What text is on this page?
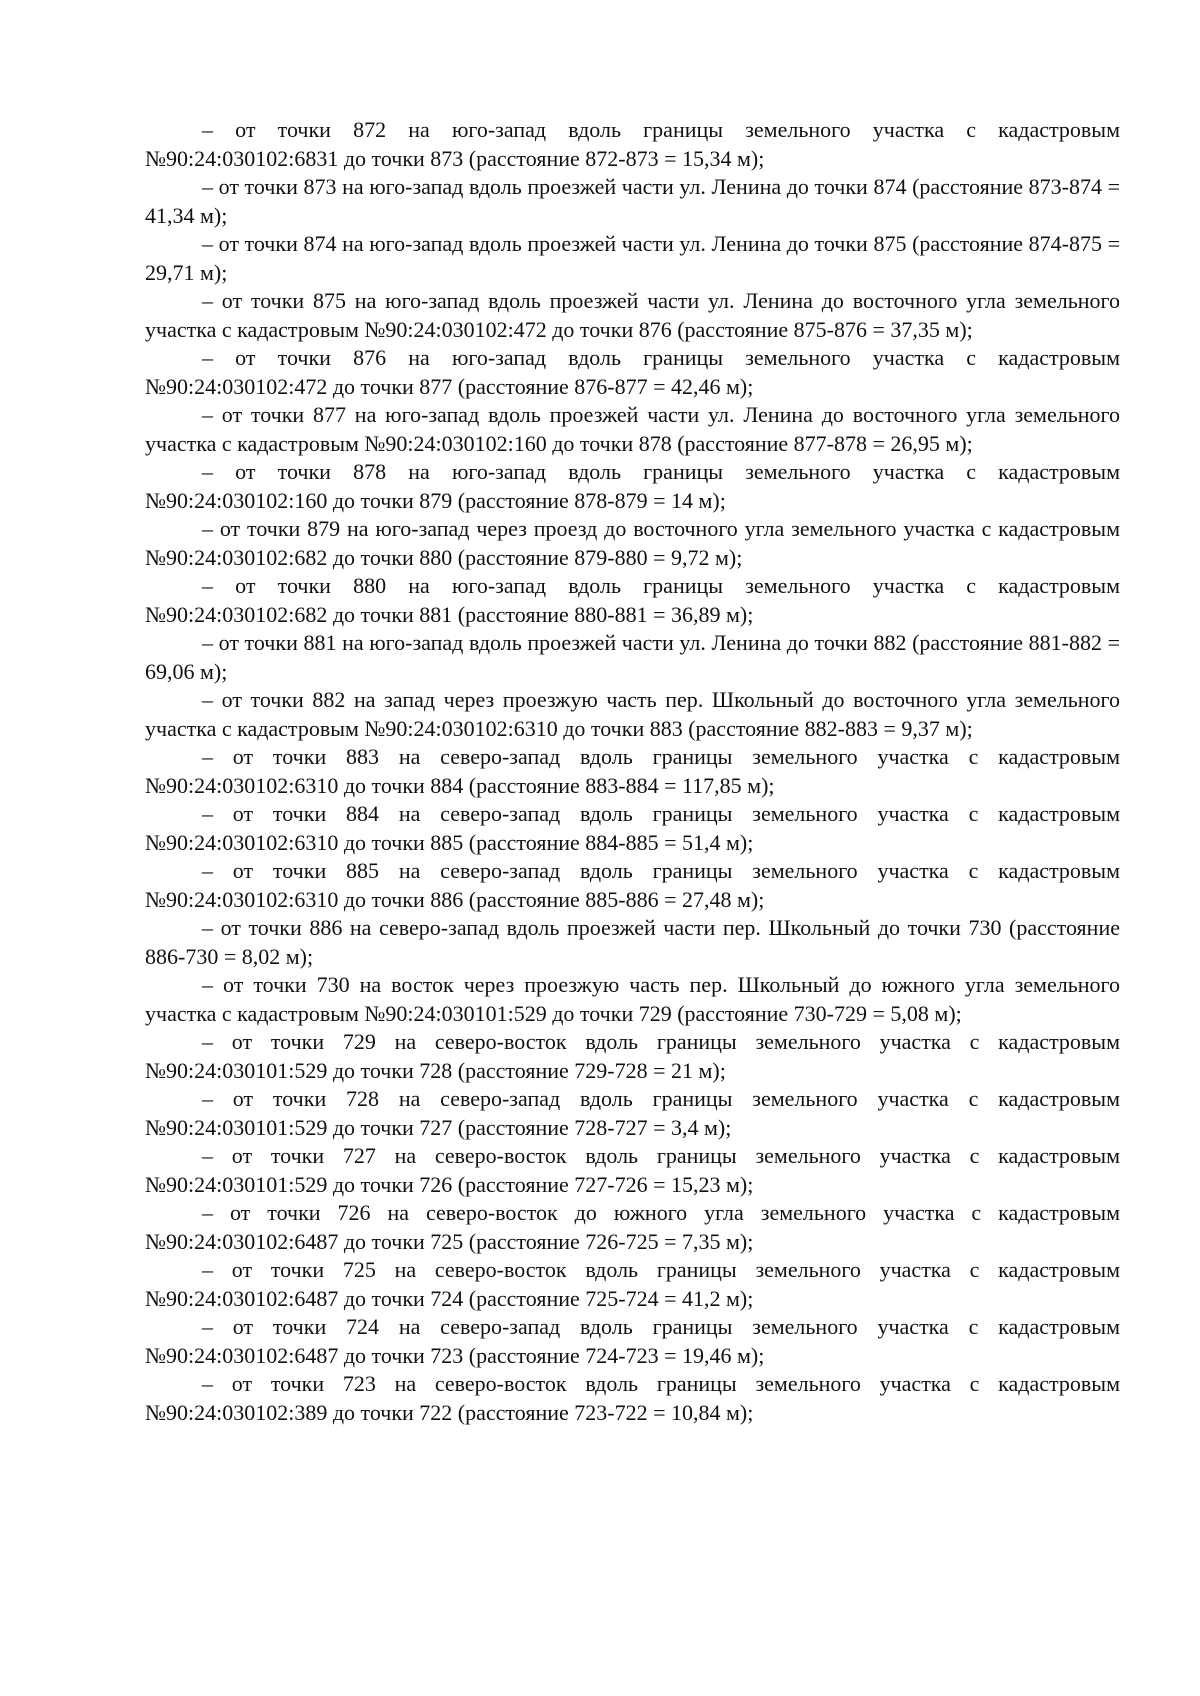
– от точки 872 на юго-запад вдоль границы земельного участка с кадастровым №90:24:030102:6831 до точки 873 (расстояние 872-873 = 15,34 м);

– от точки 873 на юго-запад вдоль проезжей части ул. Ленина до точки 874 (расстояние 873-874 = 41,34 м);

– от точки 874 на юго-запад вдоль проезжей части ул. Ленина до точки 875 (расстояние 874-875 = 29,71 м);

– от точки 875 на юго-запад вдоль проезжей части ул. Ленина до восточного угла земельного участка с кадастровым №90:24:030102:472 до точки 876 (расстояние 875-876 = 37,35 м);

– от точки 876 на юго-запад вдоль границы земельного участка с кадастровым №90:24:030102:472 до точки 877 (расстояние 876-877 = 42,46 м);

– от точки 877 на юго-запад вдоль проезжей части ул. Ленина до восточного угла земельного участка с кадастровым №90:24:030102:160 до точки 878 (расстояние 877-878 = 26,95 м);

– от точки 878 на юго-запад вдоль границы земельного участка с кадастровым №90:24:030102:160 до точки 879 (расстояние 878-879 = 14 м);

– от точки 879 на юго-запад через проезд до восточного угла земельного участка с кадастровым №90:24:030102:682 до точки 880 (расстояние 879-880 = 9,72 м);

– от точки 880 на юго-запад вдоль границы земельного участка с кадастровым №90:24:030102:682 до точки 881 (расстояние 880-881 = 36,89 м);

– от точки 881 на юго-запад вдоль проезжей части ул. Ленина до точки 882 (расстояние 881-882 = 69,06 м);

– от точки 882 на запад через проезжую часть пер. Школьный до восточного угла земельного участка с кадастровым №90:24:030102:6310 до точки 883 (расстояние 882-883 = 9,37 м);

– от точки 883 на северо-запад вдоль границы земельного участка с кадастровым №90:24:030102:6310 до точки 884 (расстояние 883-884 = 117,85 м);

– от точки 884 на северо-запад вдоль границы земельного участка с кадастровым №90:24:030102:6310 до точки 885 (расстояние 884-885 = 51,4 м);

– от точки 885 на северо-запад вдоль границы земельного участка с кадастровым №90:24:030102:6310 до точки 886 (расстояние 885-886 = 27,48 м);

– от точки 886 на северо-запад вдоль проезжей части пер. Школьный до точки 730 (расстояние 886-730 = 8,02 м);

– от точки 730 на восток через проезжую часть пер. Школьный до южного угла земельного участка с кадастровым №90:24:030101:529 до точки 729 (расстояние 730-729 = 5,08 м);

– от точки 729 на северо-восток вдоль границы земельного участка с кадастровым №90:24:030101:529 до точки 728 (расстояние 729-728 = 21 м);

– от точки 728 на северо-запад вдоль границы земельного участка с кадастровым №90:24:030101:529 до точки 727 (расстояние 728-727 = 3,4 м);

– от точки 727 на северо-восток вдоль границы земельного участка с кадастровым №90:24:030101:529 до точки 726 (расстояние 727-726 = 15,23 м);

– от точки 726 на северо-восток до южного угла земельного участка с кадастровым №90:24:030102:6487 до точки 725 (расстояние 726-725 = 7,35 м);

– от точки 725 на северо-восток вдоль границы земельного участка с кадастровым №90:24:030102:6487 до точки 724 (расстояние 725-724 = 41,2 м);

– от точки 724 на северо-запад вдоль границы земельного участка с кадастровым №90:24:030102:6487 до точки 723 (расстояние 724-723 = 19,46 м);

– от точки 723 на северо-восток вдоль границы земельного участка с кадастровым №90:24:030102:389 до точки 722 (расстояние 723-722 = 10,84 м);
